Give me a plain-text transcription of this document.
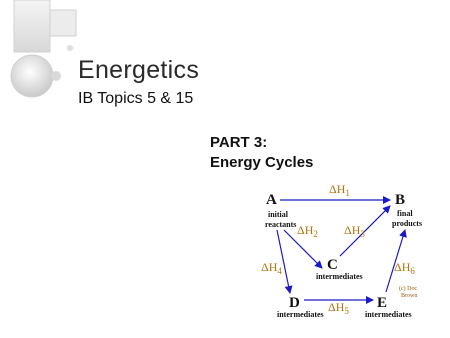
Energetics
IB Topics 5 & 15
PART 3:
Energy Cycles
A
initial
reactants
B
final
products
C
intermediates
D
intermediates
E
intermediates
$\Delta H_1$
$\Delta H_2$ $\Delta H_3$
$\Delta H_4$
$\Delta H_5$
$\Delta H_6$
(c) Doc
Brown
